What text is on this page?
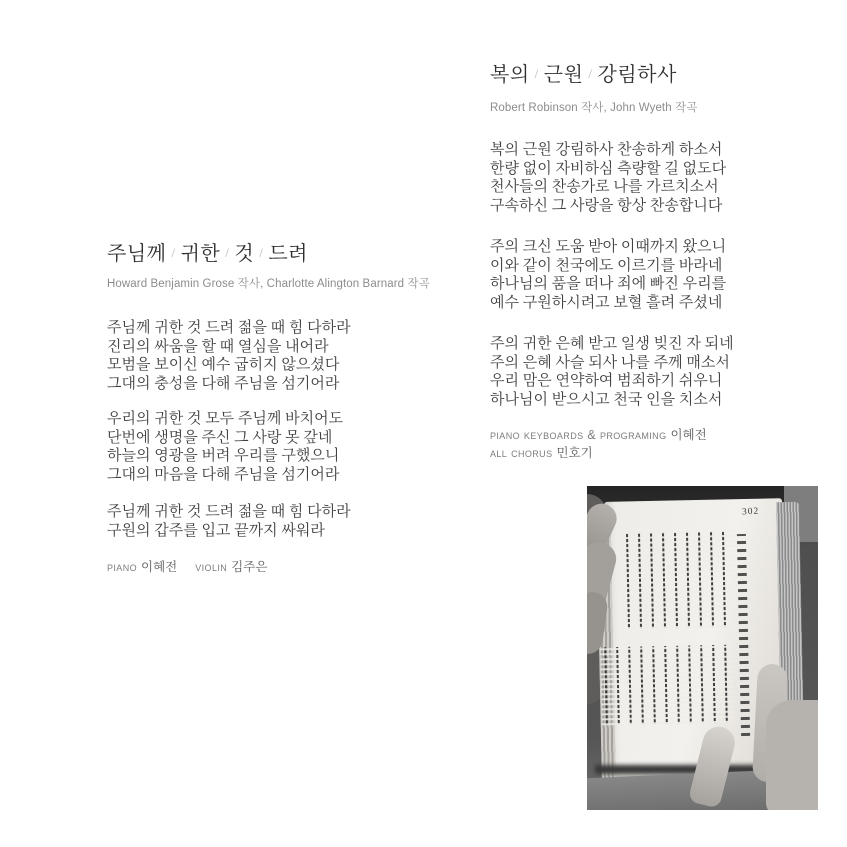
주님께 / 귀한 / 것 / 드려
Howard Benjamin Grose 작사, Charlotte Alington Barnard 작곡
주님께 귀한 것 드려 젊을 때 힘 다하라
진리의 싸움을 할 때 열심을 내어라
모범을 보이신 예수 굽히지 않으셨다
그대의 충성을 다해 주님을 섬기어라
우리의 귀한 것 모두 주님께 바치어도
단번에 생명을 주신 그 사랑 못 갚네
하늘의 영광을 버려 우리를 구했으니
그대의 마음을 다해 주님을 섬기어라
주님께 귀한 것 드려 젊을 때 힘 다하라
구원의 갑주를 입고 끝까지 싸워라
piano 이혜전 violin 김주은
복의 / 근원 / 강림하사
Robert Robinson 작사, John Wyeth 작곡
복의 근원 강림하사 찬송하게 하소서
한량 없이 자비하심 측량할 길 없도다
천사들의 찬송가로 나를 가르치소서
구속하신 그 사랑을 항상 찬송합니다
주의 크신 도움 받아 이때까지 왔으니
이와 같이 천국에도 이르기를 바라네
하나님의 품을 떠나 죄에 빠진 우리를
예수 구원하시려고 보혈 흘려 주셨네
주의 귀한 은혜 받고 일생 빚진 자 되네
주의 은혜 사슬 되사 나를 주께 매소서
우리 맘은 연약하여 범죄하기 쉬우니
하나님이 받으시고 천국 인을 치소서
piano keyboards & programing 이혜전
all chorus 민호기
302
